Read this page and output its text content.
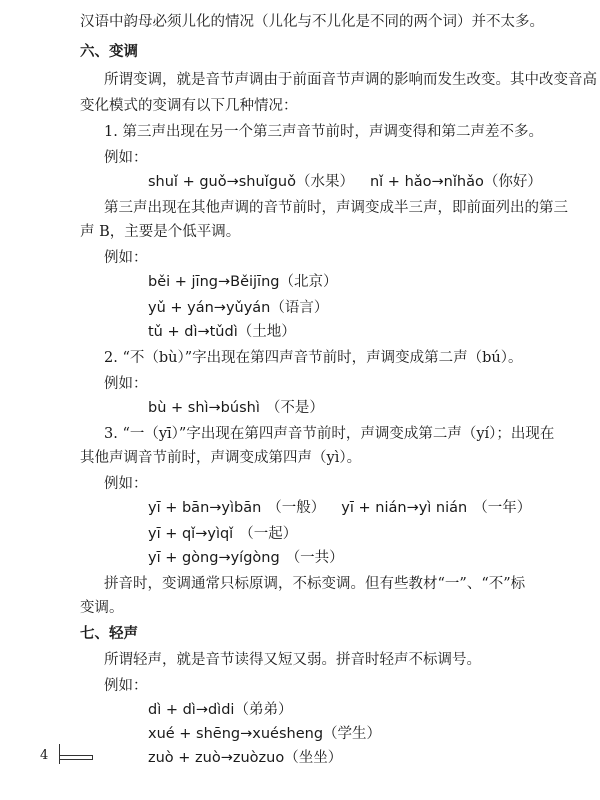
汉语中韵母必须儿化的情况（儿化与不儿化是不同的两个词）并不太多。
六、变调
所谓变调，就是音节声调由于前面音节声调的影响而发生改变。其中改变音高
变化模式的变调有以下几种情况：
1. 第三声出现在另一个第三声音节前时，声调变得和第二声差不多。
例如：
shuǐ + guǒ→shuǐguǒ（水果） nǐ + hǎo→nǐhǎo（你好）
第三声出现在其他声调的音节前时，声调变成半三声，即前面列出的第三
声 B，主要是个低平调。
例如：
běi + jīng→Běijīng（北京）
yǔ + yán→yǔyán（语言）
tǔ + dì→tǔdì（土地）
2. “不（bù）”字出现在第四声音节前时，声调变成第二声（bú）。
例如：
bù + shì→búshì （不是）
3. “一（yī）”字出现在第四声音节前时，声调变成第二声（yí）；出现在
其他声调音节前时，声调变成第四声（yì）。
例如：
yī + bān→yìbān （一般） yī + nián→yì nián （一年）
yī + qǐ→yìqǐ （一起）
yī + gòng→yígòng （一共）
拼音时，变调通常只标原调，不标变调。但有些教材“一”、“不”标
变调。
七、轻声
所谓轻声，就是音节读得又短又弱。拼音时轻声不标调号。
例如：
dì + dì→dìdi（弟弟）
xué + shēng→xuésheng（学生）
zuò + zuò→zuòzuo（坐坐）
4
